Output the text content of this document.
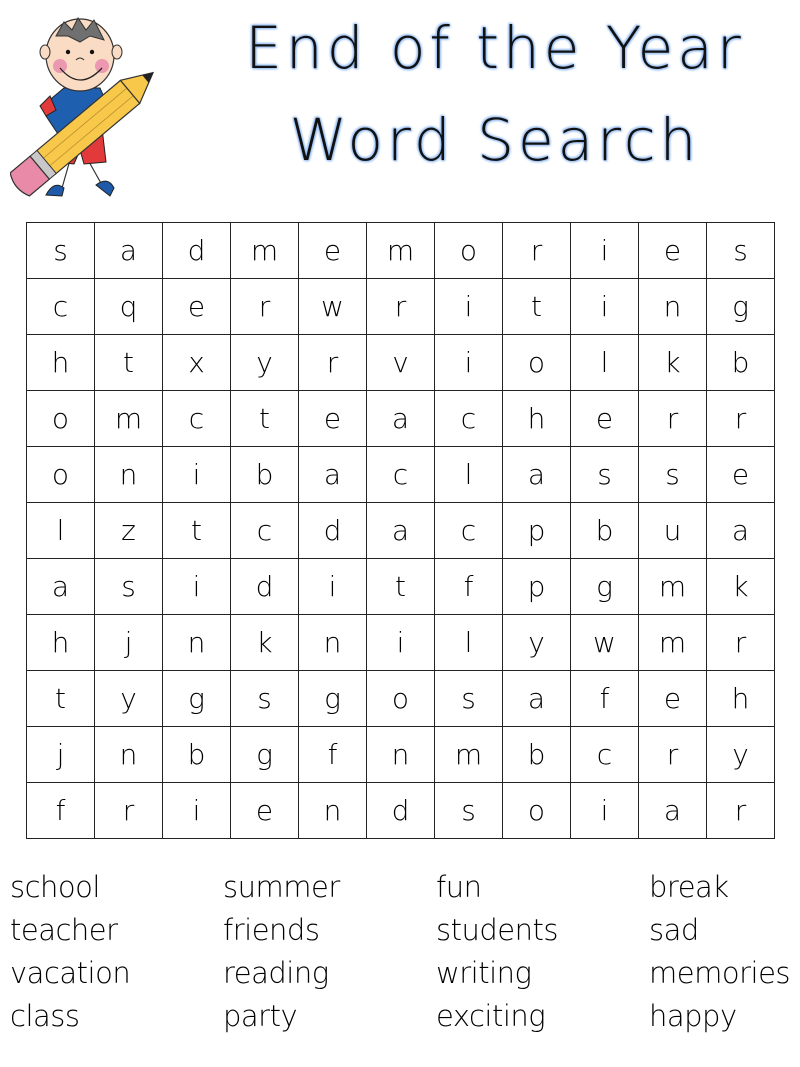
End of the Year
Word Search
s	a	d	m	e	m	o	r	i	e	s
c	q	e	r	w	r	i	t	i	n	g
h	t	x	y	r	v	i	o	l	k	b
o	m	c	t	e	a	c	h	e	r	r
o	n	i	b	a	c	l	a	s	s	e
l	z	t	c	d	a	c	p	b	u	a
a	s	i	d	i	t	f	p	g	m	k
h	j	n	k	n	i	l	y	w	m	r
t	y	g	s	g	o	s	a	f	e	h
j	n	b	g	f	n	m	b	c	r	y
f	r	i	e	n	d	s	o	i	a	r
school	summer	fun	break
teacher	friends	students	sad
vacation	reading	writing	memories
class	party	exciting	happy
